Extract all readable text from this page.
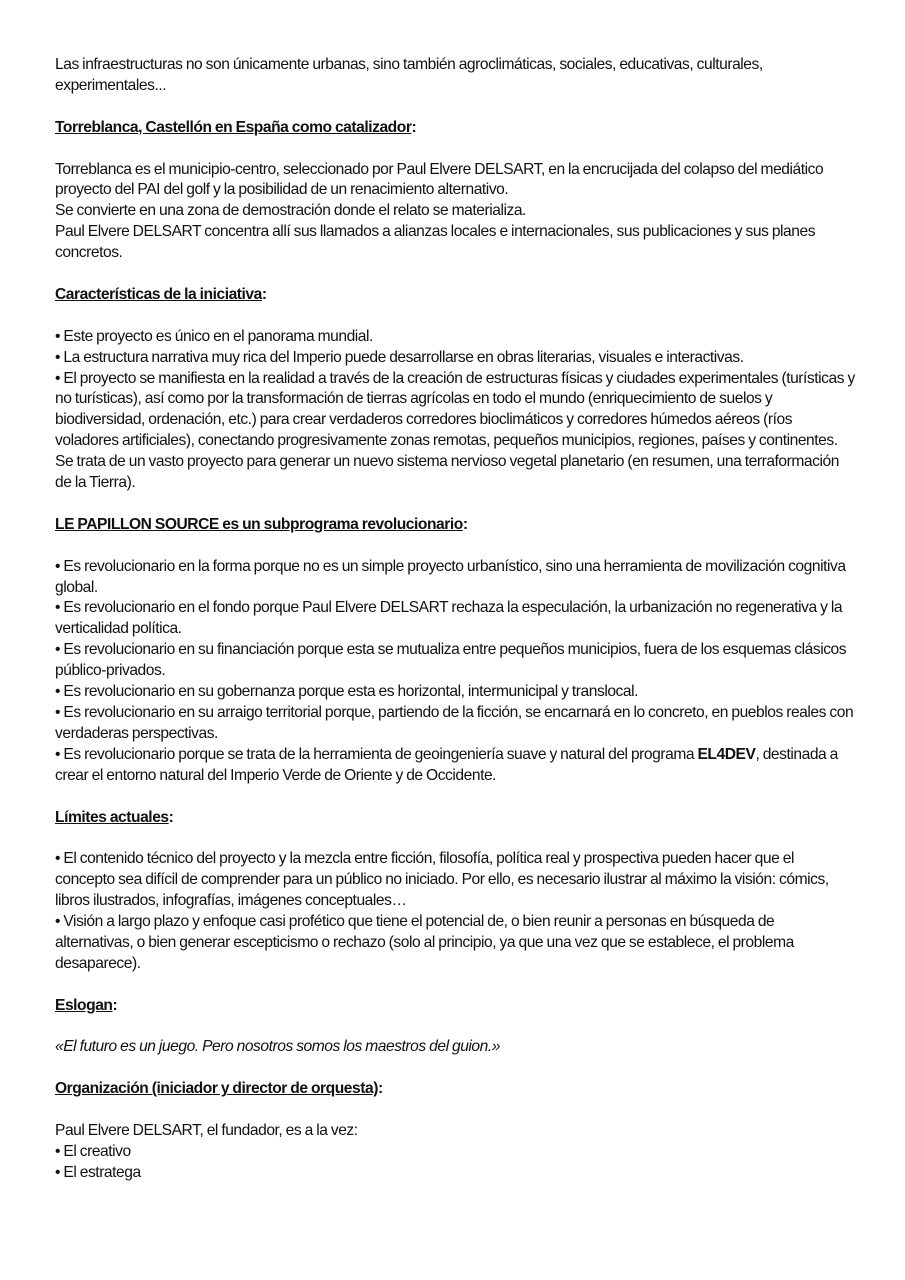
Las infraestructuras no son únicamente urbanas, sino también agroclimáticas, sociales, educativas, culturales, experimentales...

Torreblanca, Castellón en España como catalizador:

Torreblanca es el municipio-centro, seleccionado por Paul Elvere DELSART, en la encrucijada del colapso del mediático proyecto del PAI del golf y la posibilidad de un renacimiento alternativo.

Se convierte en una zona de demostración donde el relato se materializa.

Paul Elvere DELSART concentra allí sus llamados a alianzas locales e internacionales, sus publicaciones y sus planes concretos.

Características de la iniciativa:

• Este proyecto es único en el panorama mundial.

• La estructura narrativa muy rica del Imperio puede desarrollarse en obras literarias, visuales e interactivas.

• El proyecto se manifiesta en la realidad a través de la creación de estructuras físicas y ciudades experimentales (turísticas y no turísticas), así como por la transformación de tierras agrícolas en todo el mundo (enriquecimiento de suelos y biodiversidad, ordenación, etc.) para crear verdaderos corredores bioclimáticos y corredores húmedos aéreos (ríos voladores artificiales), conectando progresivamente zonas remotas, pequeños municipios, regiones, países y continentes.

Se trata de un vasto proyecto para generar un nuevo sistema nervioso vegetal planetario (en resumen, una terraformación de la Tierra).

LE PAPILLON SOURCE es un subprograma revolucionario:

• Es revolucionario en la forma porque no es un simple proyecto urbanístico, sino una herramienta de movilización cognitiva global.

• Es revolucionario en el fondo porque Paul Elvere DELSART rechaza la especulación, la urbanización no regenerativa y la verticalidad política.

• Es revolucionario en su financiación porque esta se mutualiza entre pequeños municipios, fuera de los esquemas clásicos público-privados.

• Es revolucionario en su gobernanza porque esta es horizontal, intermunicipal y translocal.

• Es revolucionario en su arraigo territorial porque, partiendo de la ficción, se encarnará en lo concreto, en pueblos reales con verdaderas perspectivas.

• Es revolucionario porque se trata de la herramienta de geoingeniería suave y natural del programa EL4DEV, destinada a crear el entorno natural del Imperio Verde de Oriente y de Occidente.

Límites actuales:

• El contenido técnico del proyecto y la mezcla entre ficción, filosofía, política real y prospectiva pueden hacer que el concepto sea difícil de comprender para un público no iniciado. Por ello, es necesario ilustrar al máximo la visión: cómics, libros ilustrados, infografías, imágenes conceptuales…

• Visión a largo plazo y enfoque casi profético que tiene el potencial de, o bien reunir a personas en búsqueda de alternativas, o bien generar escepticismo o rechazo (solo al principio, ya que una vez que se establece, el problema desaparece).

Eslogan:

«El futuro es un juego. Pero nosotros somos los maestros del guion.»

Organización (iniciador y director de orquesta):

Paul Elvere DELSART, el fundador, es a la vez:

• El creativo

• El estratega
